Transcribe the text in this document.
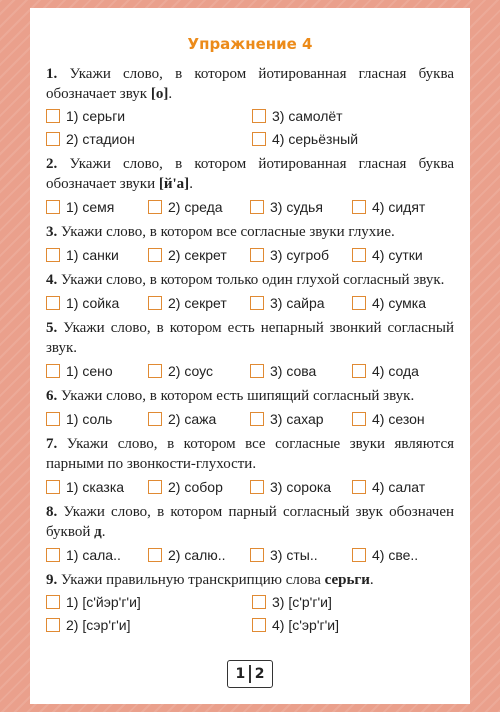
Упражнение 4
1. Укажи слово, в котором йотированная гласная буква обозначает звук [о].
1) серьги	3) самолёт
2) стадион	4) серьёзный
2. Укажи слово, в котором йотированная гласная буква обозначает звуки [й'а].
1) семя	2) среда	3) судья	4) сидят
3. Укажи слово, в котором все согласные звуки глухие.
1) санки	2) секрет	3) сугроб	4) сутки
4. Укажи слово, в котором только один глухой согласный звук.
1) сойка	2) секрет	3) сайра	4) сумка
5. Укажи слово, в котором есть непарный звонкий согласный звук.
1) сено	2) соус	3) сова	4) сода
6. Укажи слово, в котором есть шипящий согласный звук.
1) соль	2) сажа	3) сахар	4) сезон
7. Укажи слово, в котором все согласные звуки являются парными по звонкости-глухости.
1) сказка	2) собор	3) сорока	4) салат
8. Укажи слово, в котором парный согласный звук обозначен буквой д.
1) сала..	2) салю..	3) сты..	4) све..
9. Укажи правильную транскрипцию слова серьги.
1) [с'йэр'г'и]	3) [с'р'г'и]
2) [сэр'г'и]	4) [с'эр'г'и]
1 2
